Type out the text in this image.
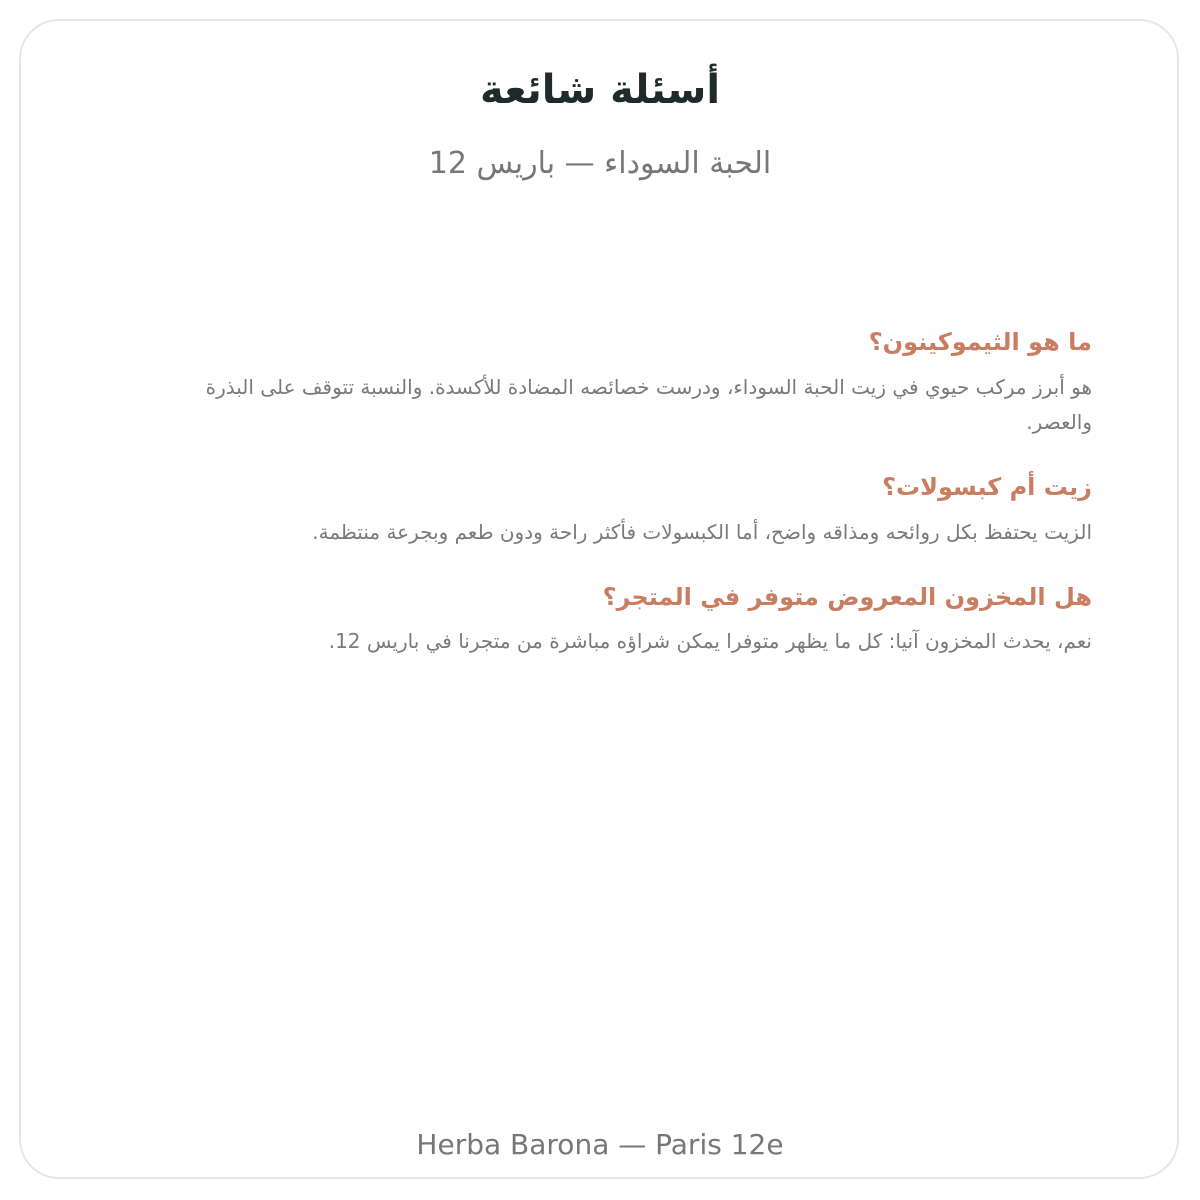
أسئلة شائعة

الحبة السوداء — باريس 12

ما هو الثيموكينون؟

هو أبرز مركب حيوي في زيت الحبة السوداء، ودرست خصائصه المضادة للأكسدة. والنسبة تتوقف على البذرة والعصر.

زيت أم كبسولات؟

الزيت يحتفظ بكل روائحه ومذاقه واضح، أما الكبسولات فأكثر راحة ودون طعم وبجرعة منتظمة.

هل المخزون المعروض متوفر في المتجر؟

نعم، يحدث المخزون آنيا: كل ما يظهر متوفرا يمكن شراؤه مباشرة من متجرنا في باريس 12.

Herba Barona — Paris 12e
